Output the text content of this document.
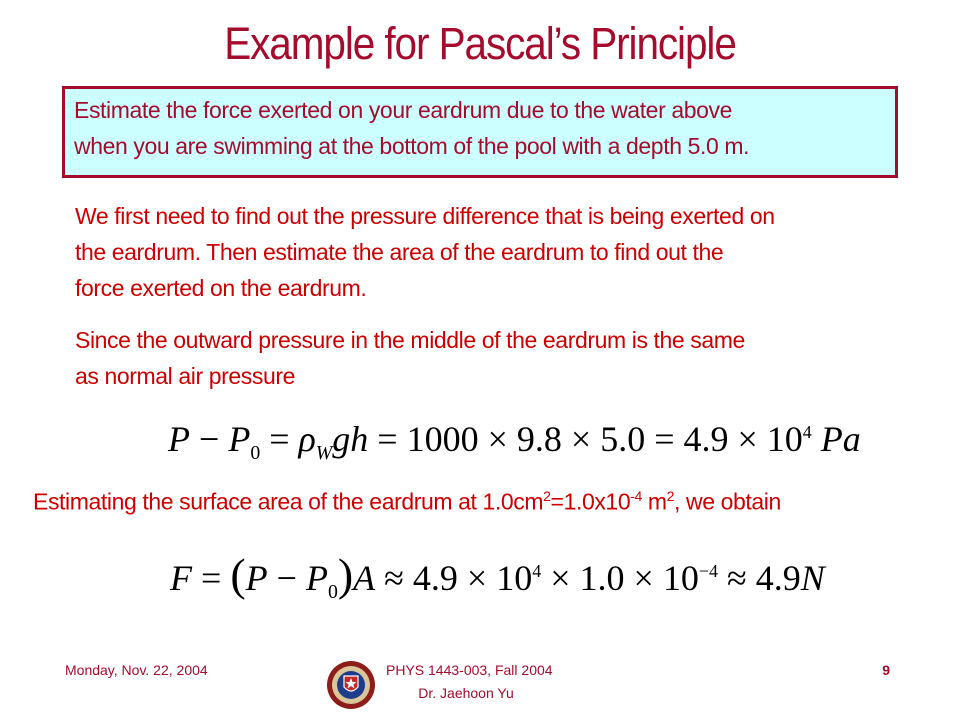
Example for Pascal’s Principle
Estimate the force exerted on your eardrum due to the water above
when you are swimming at the bottom of the pool with a depth 5.0 m.
We first need to find out the pressure difference that is being exerted on
the eardrum. Then estimate the area of the eardrum to find out the
force exerted on the eardrum.
Since the outward pressure in the middle of the eardrum is the same
as normal air pressure
$P - P_0 = \rho_Wgh = 1000 \times 9.8 \times 5.0 = 4.9 \times 10^4$ Pa
Estimating the surface area of the eardrum at $1.0cm^2=1.0x10^{-4}$ $m^2$, we obtain
$F = (P - P_0)A \approx 4.9 \times 10^4 \times 1.0 \times 10^{-4} \approx 4.9N$
Monday, Nov. 22, 2004	PHYS 1443-003, Fall 2004
Dr. Jaehoon Yu
9
